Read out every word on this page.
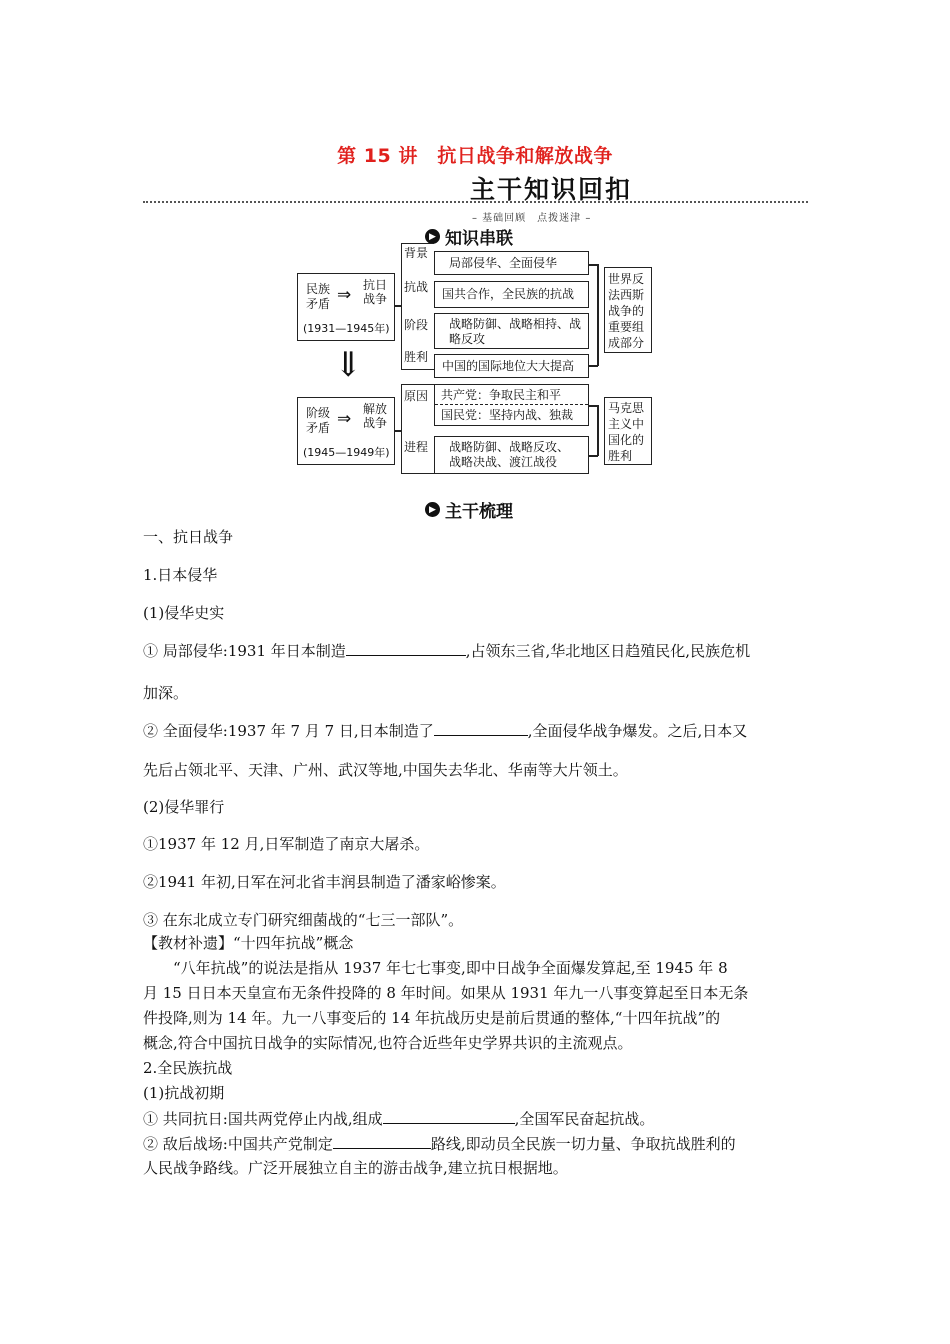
第 15 讲　抗日战争和解放战争
主干知识回扣
– 基础回顾　点拨迷津 –
▶ 知识串联
民族
矛盾 ⇒ 抗日
战争
(1931—1945年)
背景
抗战
阶段
胜利
局部侵华、全面侵华
国共合作，全民族的抗战
战略防御、战略相持、战
略反攻
中国的国际地位大大提高
世界反
法西斯
战争的
重要组
成部分
⇓
阶级
矛盾 ⇒ 解放
战争
(1945—1949年)
原因
进程
共产党：争取民主和平
国民党：坚持内战、独裁
战略防御、战略反攻、
战略决战、渡江战役
马克思
主义中
国化的
胜利
▶ 主干梳理
一、抗日战争
1.日本侵华
(1)侵华史实
① 局部侵华:1931 年日本制造	,占领东三省,华北地区日趋殖民化,民族危机
加深。
② 全面侵华:1937 年 7 月 7 日,日本制造了	,全面侵华战争爆发。之后,日本又
先后占领北平、天津、广州、武汉等地,中国失去华北、华南等大片领土。
(2)侵华罪行
①1937 年 12 月,日军制造了南京大屠杀。
②1941 年初,日军在河北省丰润县制造了潘家峪惨案。
③ 在东北成立专门研究细菌战的“七三一部队”。
【教材补遗】“十四年抗战”概念
　　“八年抗战”的说法是指从 1937 年七七事变,即中日战争全面爆发算起,至 1945 年 8
月 15 日日本天皇宣布无条件投降的 8 年时间。如果从 1931 年九一八事变算起至日本无条
件投降,则为 14 年。九一八事变后的 14 年抗战历史是前后贯通的整体,“十四年抗战”的
概念,符合中国抗日战争的实际情况,也符合近些年史学界共识的主流观点。
2.全民族抗战
(1)抗战初期
① 共同抗日:国共两党停止内战,组成	,全国军民奋起抗战。
② 敌后战场:中国共产党制定	路线,即动员全民族一切力量、争取抗战胜利的
人民战争路线。广泛开展独立自主的游击战争,建立抗日根据地。
